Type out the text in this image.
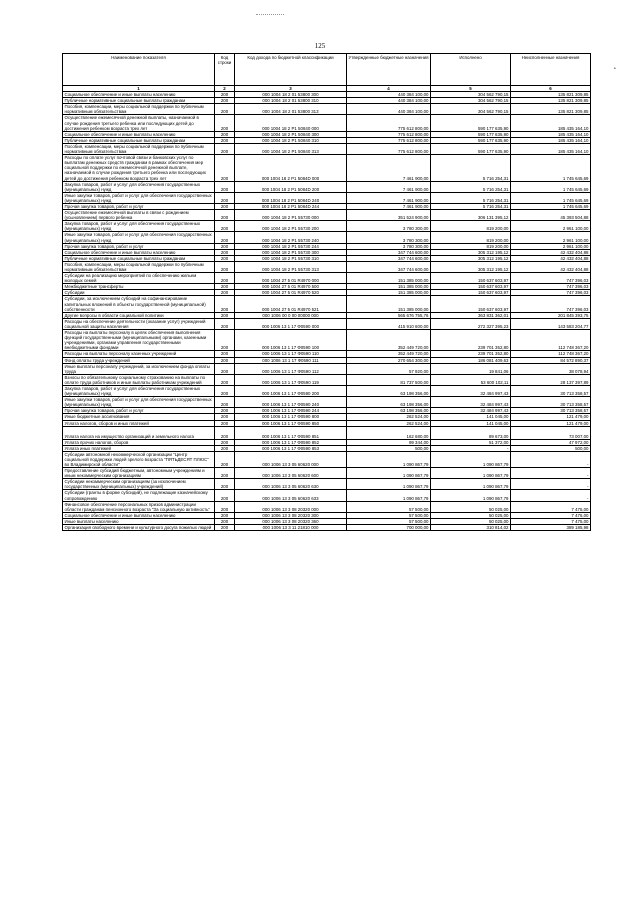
125
•
Наименование показателя	Код строки	Код дохода по бюджетной классификации	Утвержденные бюджетные назначения	Исполнено	Неисполненные назначения
1	2	3	4	5	6
Социальное обеспечение и иные выплаты населению	200	000 1004 18 2 01 53800 300	440 384 100,00	304 562 790,15	135 821 309,85
Публичные нормативные социальные выплаты гражданам	200	000 1004 18 2 01 53800 310	440 384 100,00	304 562 790,15	135 821 309,85
Пособия, компенсации, меры социальной поддержки по публичным нормативным обязательствам	200	000 1004 18 2 01 53800 313	440 384 100,00	304 562 790,15	135 821 309,85
Осуществление ежемесячной денежной выплаты, назначаемой в случае рождения третьего ребенка или последующих детей до достижения ребенком возраста трех лет	200	000 1004 18 2 P1 50840 000	775 612 800,00	590 177 635,90	185 435 164,10
Социальное обеспечение и иные выплаты населению	200	000 1004 18 2 P1 50840 300	775 612 800,00	590 177 635,90	185 435 164,10
Публичные нормативные социальные выплаты гражданам	200	000 1004 18 2 P1 50840 310	775 612 800,00	590 177 635,90	185 435 164,10
Пособия, компенсации, меры социальной поддержки по публичным нормативным обязательствам	200	000 1004 18 2 P1 50840 313	775 612 800,00	590 177 635,90	185 435 164,10
Расходы по оплате услуг почтовой связи и банковских услуг по выплатам денежных средств гражданам в рамках обеспечения мер социальной поддержки по ежемесячной денежной выплате, назначаемой в случае рождения третьего ребенка или последующих детей до достижения ребенком возраста трех лет	200	000 1004 18 2 P1 5084D 000	7 461 900,00	5 716 254,31	1 745 645,69
Закупка товаров, работ и услуг для обеспечения государственных (муниципальных) нужд	200	000 1004 18 2 P1 5084D 200	7 461 900,00	5 716 254,31	1 745 645,69
Иные закупки товаров, работ и услуг для обеспечения государственных (муниципальных) нужд	200	000 1004 18 2 P1 5084D 240	7 461 900,00	5 716 254,31	1 745 645,69
Прочая закупка товаров, работ и услуг	200	000 1004 18 2 P1 5084D 244	7 461 900,00	5 716 254,31	1 745 645,69
Осуществление ежемесячной выплаты в связи с рождением (усыновлением) первого ребенка	200	000 1004 18 2 P1 55730 000	351 524 900,00	306 131 395,12	45 393 504,88
Закупка товаров, работ и услуг для обеспечения государственных (муниципальных) нужд	200	000 1004 18 2 P1 55730 200	3 780 300,00	819 200,00	2 961 100,00
Иные закупки товаров, работ и услуг для обеспечения государственных (муниципальных) нужд	200	000 1004 18 2 P1 55730 240	3 780 300,00	819 200,00	2 961 100,00
Прочая закупка товаров, работ и услуг	200	000 1004 18 2 P1 55730 244	3 780 300,00	819 200,00	2 961 100,00
Социальное обеспечение и иные выплаты населению	200	000 1004 18 2 P1 55730 300	347 744 600,00	305 312 195,12	42 432 404,88
Публичные нормативные социальные выплаты гражданам	200	000 1004 18 2 P1 55730 310	347 744 600,00	305 312 195,12	42 432 404,88
Пособия, компенсации, меры социальной поддержки по публичным нормативным обязательствам	200	000 1004 18 2 P1 55730 313	347 744 600,00	305 312 195,12	42 432 404,88
Субсидии на реализацию мероприятий по обеспечению жильем молодых семей	200	000 1004 27 5 01 R4970 000	151 385 000,00	150 637 603,97	747 396,03
Межбюджетные трансферты	200	000 1004 27 5 01 R4970 500	151 385 000,00	150 637 603,97	747 396,03
Субсидии	200	000 1004 27 5 01 R4970 520	151 385 000,00	150 637 603,97	747 396,03
Субсидии, за исключением субсидий на софинансирование капитальных вложений в объекты государственной (муниципальной) собственности	200	000 1004 27 5 01 R4970 521	151 385 000,00	150 637 603,97	747 396,03
Другие вопросы в области социальной политики	200	000 1006 00 0 00 00000 000	565 676 755,76	363 831 362,01	201 845 393,75
Расходы на обеспечение деятельности (оказание услуг) учреждений социальной защиты населения	200	000 1006 13 1 17 Ф0590 000	415 910 600,00	272 327 395,23	143 583 204,77
Расходы на выплаты персоналу в целях обеспечения выполнения функций государственными (муниципальными) органами, казенными учреждениями, органами управления государственными внебюджетными фондами	200	000 1006 13 1 17 Ф0590 100	352 449 720,00	239 701 352,80	112 748 367,20
Расходы на выплаты персоналу казенных учреждений	200	000 1006 13 1 17 Ф0590 110	352 449 720,00	239 701 352,80	112 748 367,20
Фонд оплаты труда учреждений	200	000 1006 13 1 17 Ф0590 111	270 654 300,00	186 081 409,63	84 572 890,37
Иные выплаты персоналу учреждений, за исключением фонда оплаты труда	200	000 1006 13 1 17 Ф0590 112	57 920,00	19 841,06	38 078,94
Взносы по обязательному социальному страхованию на выплаты по оплате труда работников и иные выплаты работникам учреждений	200	000 1006 13 1 17 Ф0590 119	81 737 500,00	53 600 102,11	28 137 397,89
Закупка товаров, работ и услуг для обеспечения государственных (муниципальных) нужд	200	000 1006 13 1 17 Ф0590 200	63 198 356,00	32 484 997,43	30 713 358,57
Иные закупки товаров, работ и услуг для обеспечения государственных (муниципальных) нужд	200	000 1006 13 1 17 Ф0590 240	63 198 356,00	32 484 997,43	30 713 358,57
Прочая закупка товаров, работ и услуг	200	000 1006 13 1 17 Ф0590 244	63 198 356,00	32 484 997,43	30 713 358,57
Иные бюджетные ассигнования	200	000 1006 13 1 17 Ф0590 800	262 524,00	141 045,00	121 479,00
Уплата налогов, сборов и иных платежей	200	000 1006 13 1 17 Ф0590 850	262 524,00	141 045,00	121 479,00
Уплата налога на имущество организаций и земельного налога	200	000 1006 13 1 17 Ф0590 851	162 680,00	89 673,00	73 007,00
Уплата прочих налогов, сборов	200	000 1006 13 1 17 Ф0590 852	99 344,00	51 372,00	47 972,00
Уплата иных платежей	200	000 1006 13 1 17 Ф0590 853	500,00	-	500,00
Субсидии автономной некоммерческой организации "Центр социальной поддержки людей зрелого возраста "ПЯТЬДЕСЯТ ПЛЮС" во Владимирской области"	200	000 1006 13 3 05 60620 000	1 090 867,79	1 090 867,79	-
Предоставление субсидий бюджетным, автономным учреждениям и иным некоммерческим организациям	200	000 1006 13 3 05 60620 600	1 090 867,79	1 090 867,79	-
Субсидии некоммерческим организациям (за исключением государственных (муниципальных) учреждений)	200	000 1006 13 3 05 60620 630	1 090 867,79	1 090 867,79	-
Субсидии (гранты в форме субсидий), не подлежащие казначейскому сопровождению	200	000 1006 13 3 05 60620 633	1 090 867,79	1 090 867,79	-
Финансовое обеспечение персональных призов администрации области гражданам пенсионного возраста "За социальную активность"	200	000 1006 13 3 08 20320 000	57 500,00	50 025,00	7 475,00
Социальное обеспечение и иные выплаты населению	200	000 1006 13 3 08 20320 300	57 500,00	50 025,00	7 475,00
Иные выплаты населению	200	000 1006 13 3 08 20320 360	57 500,00	50 025,00	7 475,00
Организация свободного времени и культурного досуга пожилых людей	200	000 1006 13 3 11 21810 000	700 000,00	310 814,02	389 185,98
